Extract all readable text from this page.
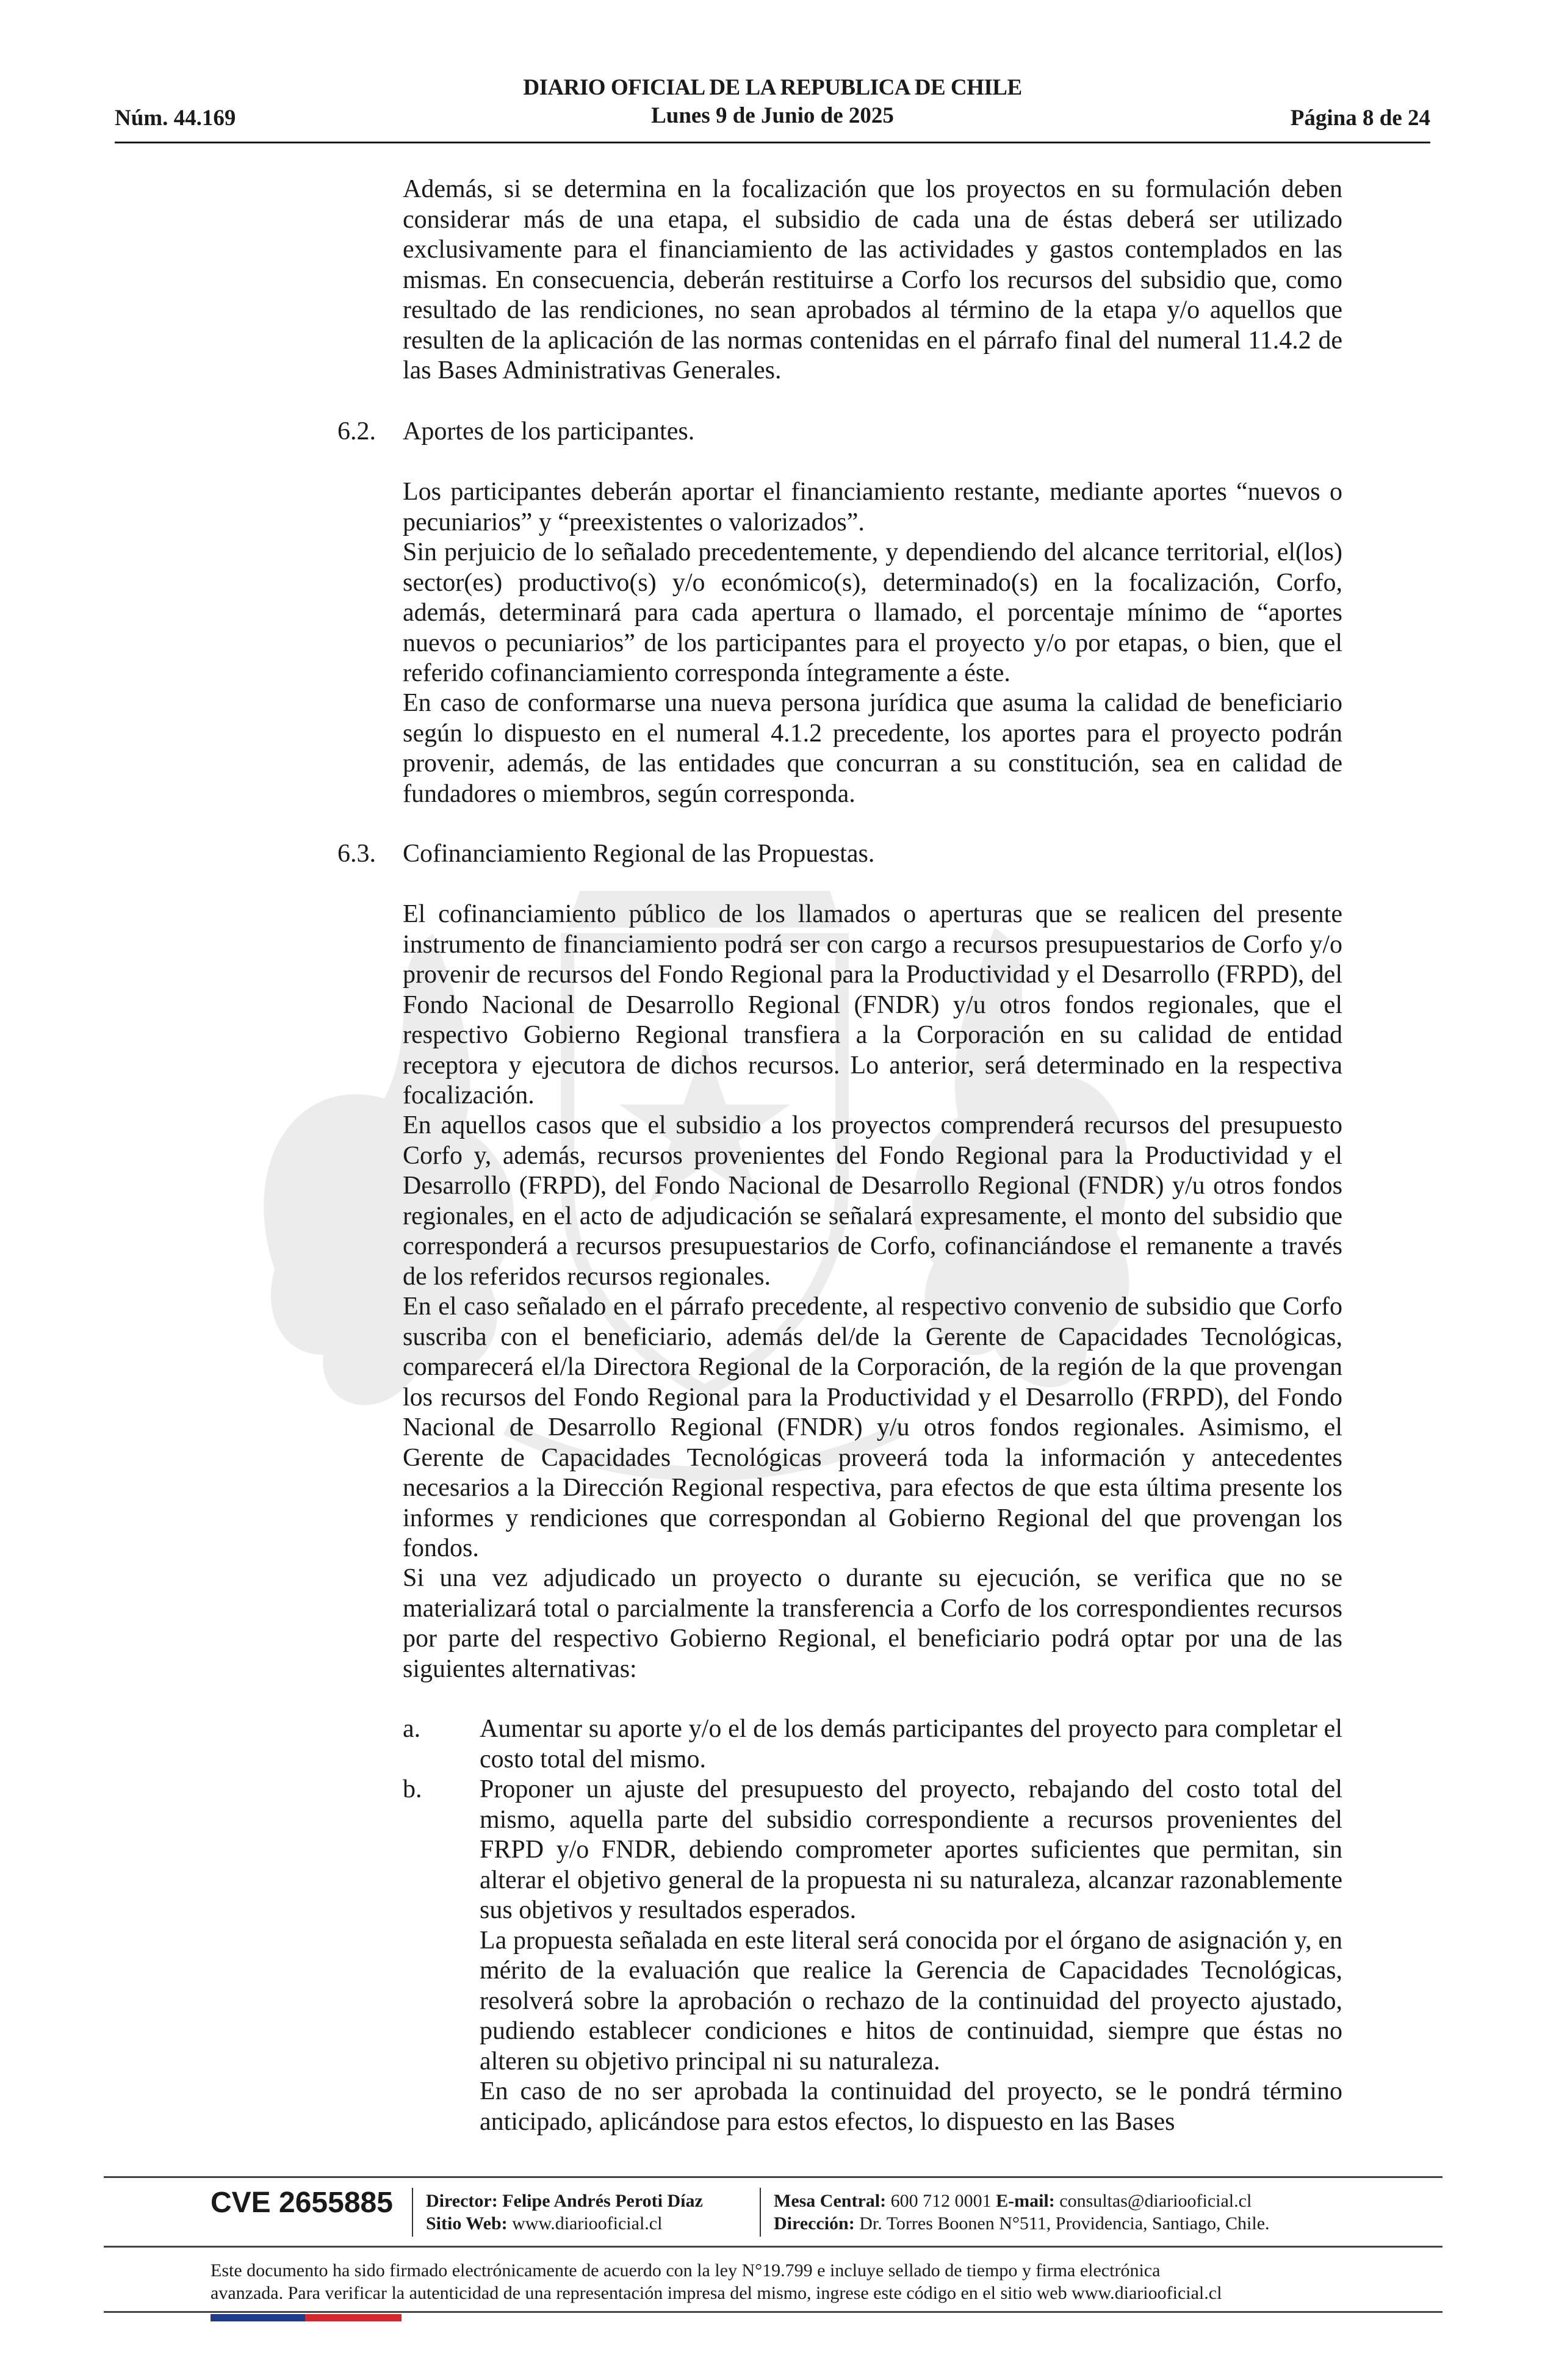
DIARIO OFICIAL DE LA REPUBLICA DE CHILE
Lunes 9 de Junio de 2025
Núm. 44.169	Página 8 de 24

Además, si se determina en la focalización que los proyectos en su formulación deben considerar más de una etapa, el subsidio de cada una de éstas deberá ser utilizado exclusivamente para el financiamiento de las actividades y gastos contemplados en las mismas. En consecuencia, deberán restituirse a Corfo los recursos del subsidio que, como resultado de las rendiciones, no sean aprobados al término de la etapa y/o aquellos que resulten de la aplicación de las normas contenidas en el párrafo final del numeral 11.4.2 de las Bases Administrativas Generales.

6.2. Aportes de los participantes.

Los participantes deberán aportar el financiamiento restante, mediante aportes “nuevos o pecuniarios” y “preexistentes o valorizados”.

Sin perjuicio de lo señalado precedentemente, y dependiendo del alcance territorial, el(los) sector(es) productivo(s) y/o económico(s), determinado(s) en la focalización, Corfo, además, determinará para cada apertura o llamado, el porcentaje mínimo de “aportes nuevos o pecuniarios” de los participantes para el proyecto y/o por etapas, o bien, que el referido cofinanciamiento corresponda íntegramente a éste.

En caso de conformarse una nueva persona jurídica que asuma la calidad de beneficiario según lo dispuesto en el numeral 4.1.2 precedente, los aportes para el proyecto podrán provenir, además, de las entidades que concurran a su constitución, sea en calidad de fundadores o miembros, según corresponda.

6.3. Cofinanciamiento Regional de las Propuestas.

El cofinanciamiento público de los llamados o aperturas que se realicen del presente instrumento de financiamiento podrá ser con cargo a recursos presupuestarios de Corfo y/o provenir de recursos del Fondo Regional para la Productividad y el Desarrollo (FRPD), del Fondo Nacional de Desarrollo Regional (FNDR) y/u otros fondos regionales, que el respectivo Gobierno Regional transfiera a la Corporación en su calidad de entidad receptora y ejecutora de dichos recursos. Lo anterior, será determinado en la respectiva focalización.

En aquellos casos que el subsidio a los proyectos comprenderá recursos del presupuesto Corfo y, además, recursos provenientes del Fondo Regional para la Productividad y el Desarrollo (FRPD), del Fondo Nacional de Desarrollo Regional (FNDR) y/u otros fondos regionales, en el acto de adjudicación se señalará expresamente, el monto del subsidio que corresponderá a recursos presupuestarios de Corfo, cofinanciándose el remanente a través de los referidos recursos regionales.

En el caso señalado en el párrafo precedente, al respectivo convenio de subsidio que Corfo suscriba con el beneficiario, además del/de la Gerente de Capacidades Tecnológicas, comparecerá el/la Directora Regional de la Corporación, de la región de la que provengan los recursos del Fondo Regional para la Productividad y el Desarrollo (FRPD), del Fondo Nacional de Desarrollo Regional (FNDR) y/u otros fondos regionales. Asimismo, el Gerente de Capacidades Tecnológicas proveerá toda la información y antecedentes necesarios a la Dirección Regional respectiva, para efectos de que esta última presente los informes y rendiciones que correspondan al Gobierno Regional del que provengan los fondos.

Si una vez adjudicado un proyecto o durante su ejecución, se verifica que no se materializará total o parcialmente la transferencia a Corfo de los correspondientes recursos por parte del respectivo Gobierno Regional, el beneficiario podrá optar por una de las siguientes alternativas:

a. Aumentar su aporte y/o el de los demás participantes del proyecto para completar el costo total del mismo.

b. Proponer un ajuste del presupuesto del proyecto, rebajando del costo total del mismo, aquella parte del subsidio correspondiente a recursos provenientes del FRPD y/o FNDR, debiendo comprometer aportes suficientes que permitan, sin alterar el objetivo general de la propuesta ni su naturaleza, alcanzar razonablemente sus objetivos y resultados esperados.

La propuesta señalada en este literal será conocida por el órgano de asignación y, en mérito de la evaluación que realice la Gerencia de Capacidades Tecnológicas, resolverá sobre la aprobación o rechazo de la continuidad del proyecto ajustado, pudiendo establecer condiciones e hitos de continuidad, siempre que éstas no alteren su objetivo principal ni su naturaleza.

En caso de no ser aprobada la continuidad del proyecto, se le pondrá término anticipado, aplicándose para estos efectos, lo dispuesto en las Bases

CVE 2655885 Director: Felipe Andrés Peroti Díaz
Sitio Web: www.diariooficial.cl
Mesa Central: 600 712 0001 E-mail: consultas@diariooficial.cl
Dirección: Dr. Torres Boonen N°511, Providencia, Santiago, Chile.
Este documento ha sido firmado electrónicamente de acuerdo con la ley N°19.799 e incluye sellado de tiempo y firma electrónica
avanzada. Para verificar la autenticidad de una representación impresa del mismo, ingrese este código en el sitio web www.diariooficial.cl
